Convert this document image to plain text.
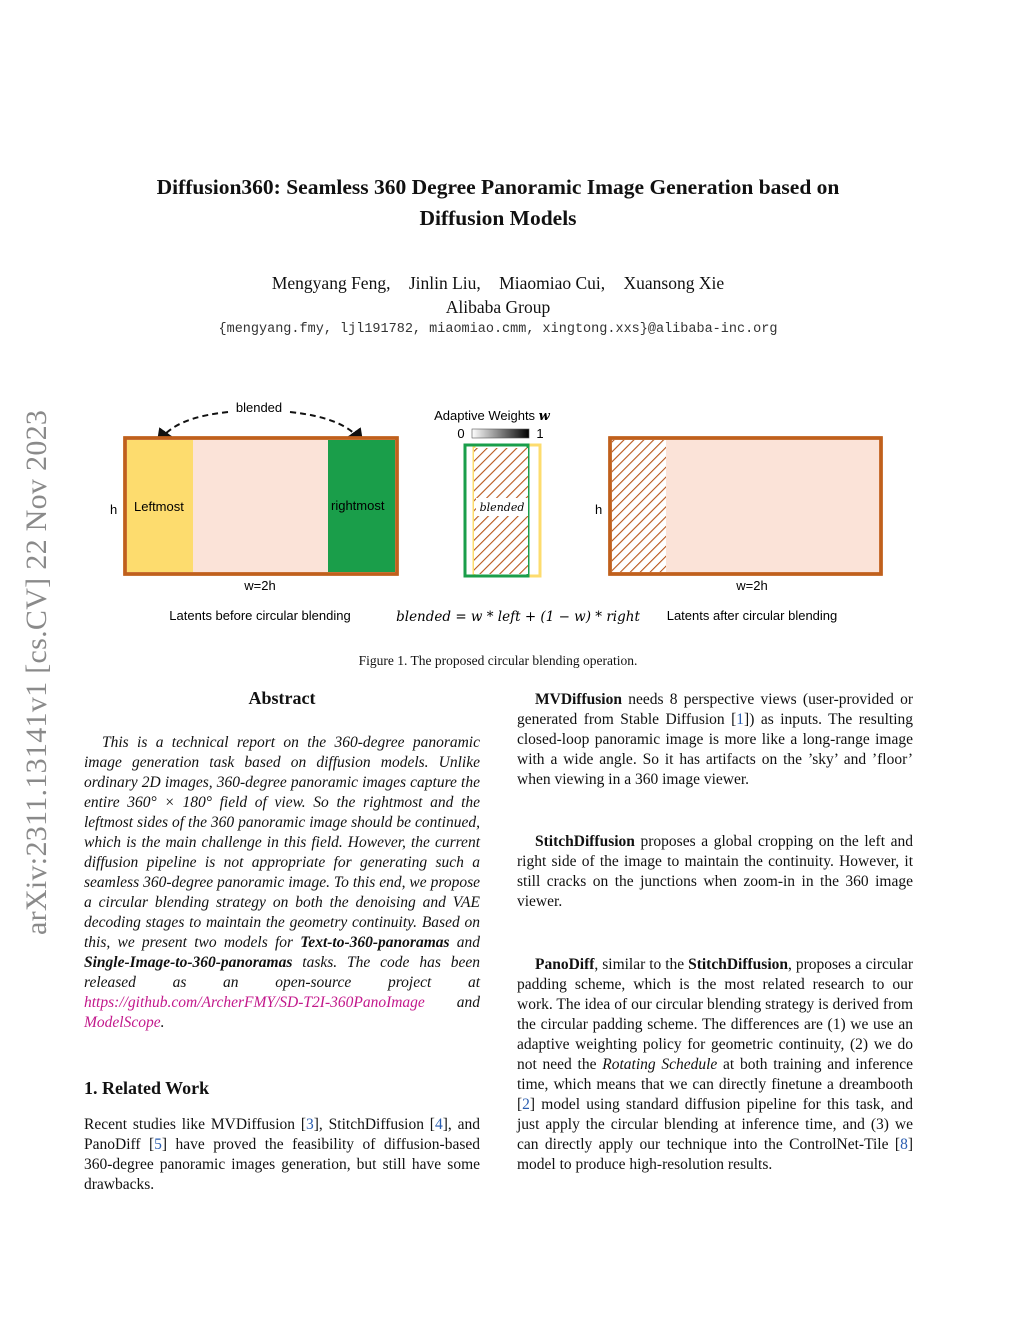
arXiv:2311.13141v1 [cs.CV] 22 Nov 2023
Diffusion360: Seamless 360 Degree Panoramic Image Generation based on
Diffusion Models
Mengyang Feng, Jinlin Liu, Miaomiao Cui, Xuansong Xie
Alibaba Group
{mengyang.fmy, ljl191782, miaomiao.cmm, xingtong.xxs}@alibaba-inc.org
blended
Leftmost	rightmost
h
w=2h
Latents before circular blending
Adaptive Weights w
0	1
blended
blended = w * left + (1 − w) * right
h
w=2h
Latents after circular blending
Figure 1. The proposed circular blending operation.
Abstract
This is a technical report on the 360-degree panoramic image generation task based on diffusion models. Unlike ordinary 2D images, 360-degree panoramic images capture the entire 360° × 180° field of view. So the rightmost and the leftmost sides of the 360 panoramic image should be continued, which is the main challenge in this field. However, the current diffusion pipeline is not appropriate for generating such a seamless 360-degree panoramic image. To this end, we propose a circular blending strategy on both the denoising and VAE decoding stages to maintain the geometry continuity. Based on this, we present two models for Text-to-360-panoramas and Single-Image-to-360-panoramas tasks. The code has been released as an open-source project at https://github.com/ArcherFMY/SD-T2I-360PanoImage and ModelScope.
1. Related Work
Recent studies like MVDiffusion [3], StitchDiffusion [4], and PanoDiff [5] have proved the feasibility of diffusion-based 360-degree panoramic images generation, but still have some drawbacks.
MVDiffusion needs 8 perspective views (user-provided or generated from Stable Diffusion [1]) as inputs. The resulting closed-loop panoramic image is more like a long-range image with a wide angle. So it has artifacts on the ’sky’ and ’floor’ when viewing in a 360 image viewer.
StitchDiffusion proposes a global cropping on the left and right side of the image to maintain the continuity. However, it still cracks on the junctions when zoom-in in the 360 image viewer.
PanoDiff, similar to the StitchDiffusion, proposes a circular padding scheme, which is the most related research to our work. The idea of our circular blending strategy is derived from the circular padding scheme. The differences are (1) we use an adaptive weighting policy for geometric continuity, (2) we do not need the Rotating Schedule at both training and inference time, which means that we can directly finetune a dreambooth [2] model using standard diffusion pipeline for this task, and just apply the circular blending at inference time, and (3) we can directly apply our technique into the ControlNet-Tile [8] model to produce high-resolution results.
